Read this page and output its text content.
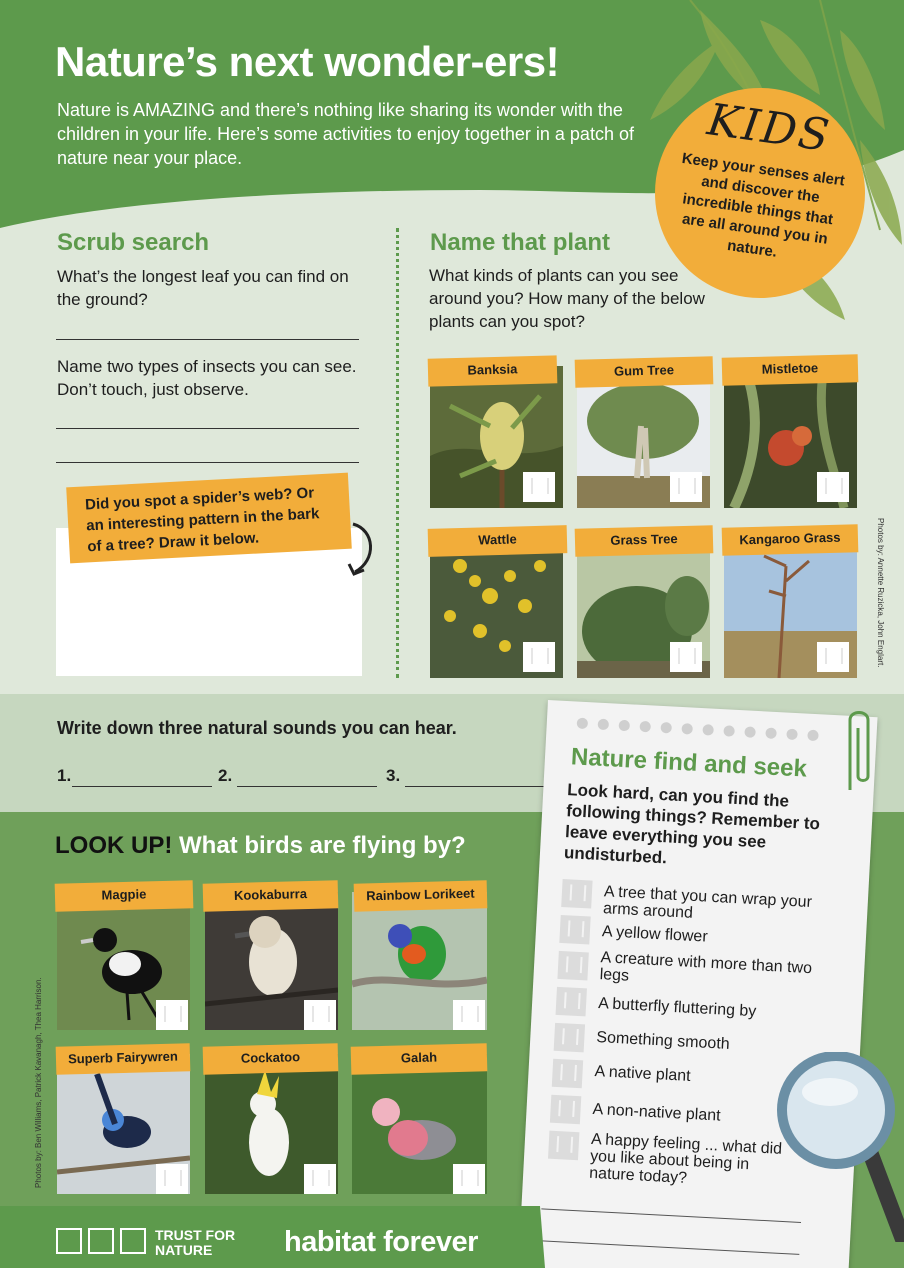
Nature’s next wonder-ers!
Nature is AMAZING and there’s nothing like sharing its wonder with the children in your life. Here’s some activities to enjoy together in a patch of nature near your place.	KIDS
Keep your senses alert and discover the incredible things that are all around you in nature.
Scrub search
What’s the longest leaf you can find on the ground?
Name two types of insects you can see. Don’t touch, just observe.
Did you spot a spider’s web? Or an interesting pattern in the bark of a tree? Draw it below.
Name that plant
What kinds of plants can you see around you? How many of the below plants can you spot?
Banksia	Gum Tree	Mistletoe
Wattle	Grass Tree	Kangaroo Grass	Photos by: Annette Ruzicka, John Englart.
Write down three natural sounds you can hear.
1.	2.	3.
LOOK UP! What birds are flying by?
Magpie	Kookaburra	Rainbow Lorikeet
Superb Fairywren	Cockatoo	Galah
Photos by: Ben Williams, Patrick Kavanagh, Thea Harrison.
Nature find and seek
Look hard, can you find the following things? Remember to leave everything you see undisturbed.
A tree that you can wrap your arms around
A yellow flower
A creature with more than two legs
A butterfly fluttering by
Something smooth
A native plant
A non-native plant
A happy feeling ... what did you like about being in nature today?
TRUST FOR
NATURE	habitat forever
